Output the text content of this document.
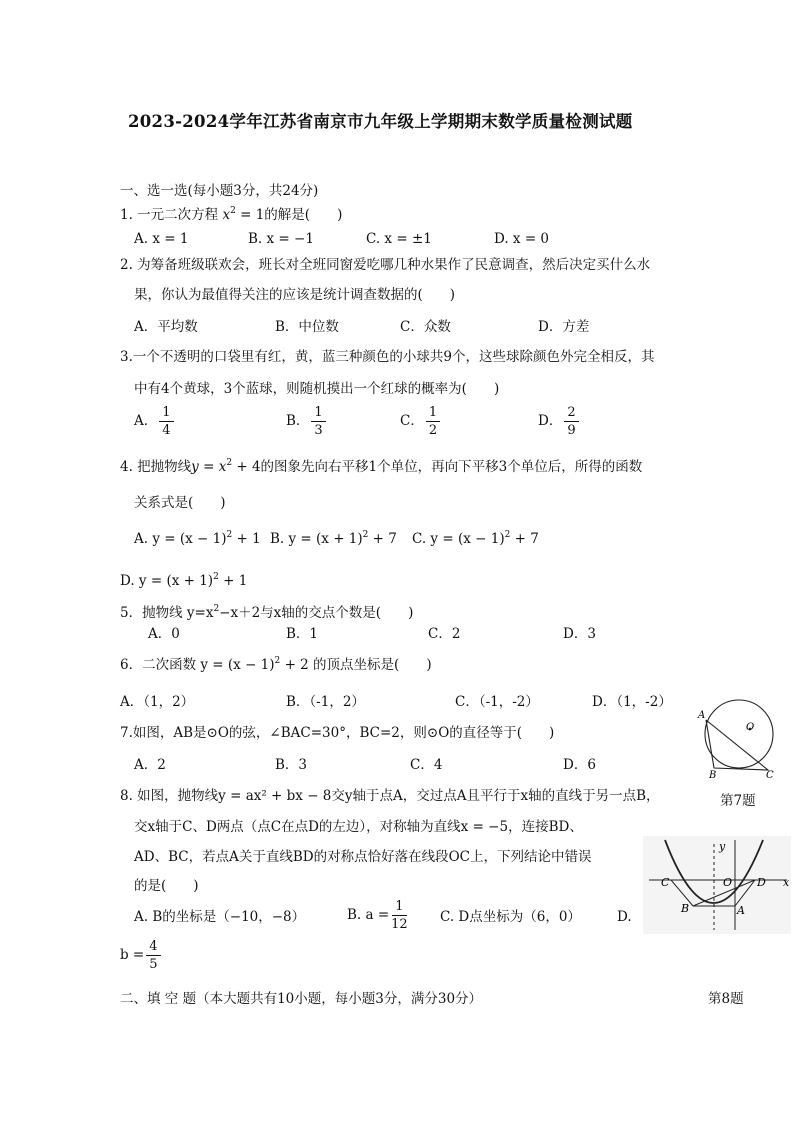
2023-2024学年江苏省南京市九年级上学期期末数学质量检测试题
一、选一选(每小题3分，共24分)
1. 一元二次方程 $x^2 = 1$的解是(　　)
A. x = 1	B. x = −1	C. x = ±1	D. x = 0
2. 为筹备班级联欢会，班长对全班同窗爱吃哪几种水果作了民意调查，然后决定买什么水
果，你认为最值得关注的应该是统计调查数据的(　　)
A．平均数	B．中位数	C．众数	D．方差
3.一个不透明的口袋里有红，黄，蓝三种颜色的小球共9个，这些球除颜色外完全相反，其
中有4个黄球，3个蓝球，则随机摸出一个红球的概率为(　　)
A． $\frac{1}{4}$	B． $\frac{1}{3}$	C． $\frac{1}{2}$	D． $\frac{2}{9}$
4. 把抛物线$y = x^2 + 4$的图象先向右平移1个单位，再向下平移3个单位后，所得的函数
关系式是(　　)
A. $y = (x - 1)^2 + 1$ B. $y = (x + 1)^2 + 7$ C. $y = (x - 1)^2 + 7$
D. $y = (x + 1)^2 + 1$
5．抛物线 $y=x^2-x+2$与x轴的交点个数是(　　)
A．0	B．1	C．2	D．3
6．二次函数 $y = (x - 1)^2 + 2$ 的顶点坐标是(　　)
A．（1，2）	B．（-1，2）	C．（-1，-2）	D．（1，-2）
7.如图，AB是⊙O的弦，∠BAC=30°，BC=2，则⊙O的直径等于(　　)
A．2	B．3	C．4	D．6
A
B	C
O
第7题
8. 如图，抛物线y = ax² + bx − 8交y轴于点A，交过点A且平行于x轴的直线于另一点B，
交x轴于C、D两点（点C在点D的左边），对称轴为直线x = −5，连接BD、
AD、BC，若点A关于直线BD的对称点恰好落在线段OC上，下列结论中错误
的是(　　)
A. B的坐标是（−10，−8）	B. $a = \frac{1}{12} C$. D点坐标为（6，0）	D.
$b = \frac{4}{5}$
C	O D
B	A
y
x
二、填 空 题（本大题共有10小题，每小题3分，满分30分）	第8题
